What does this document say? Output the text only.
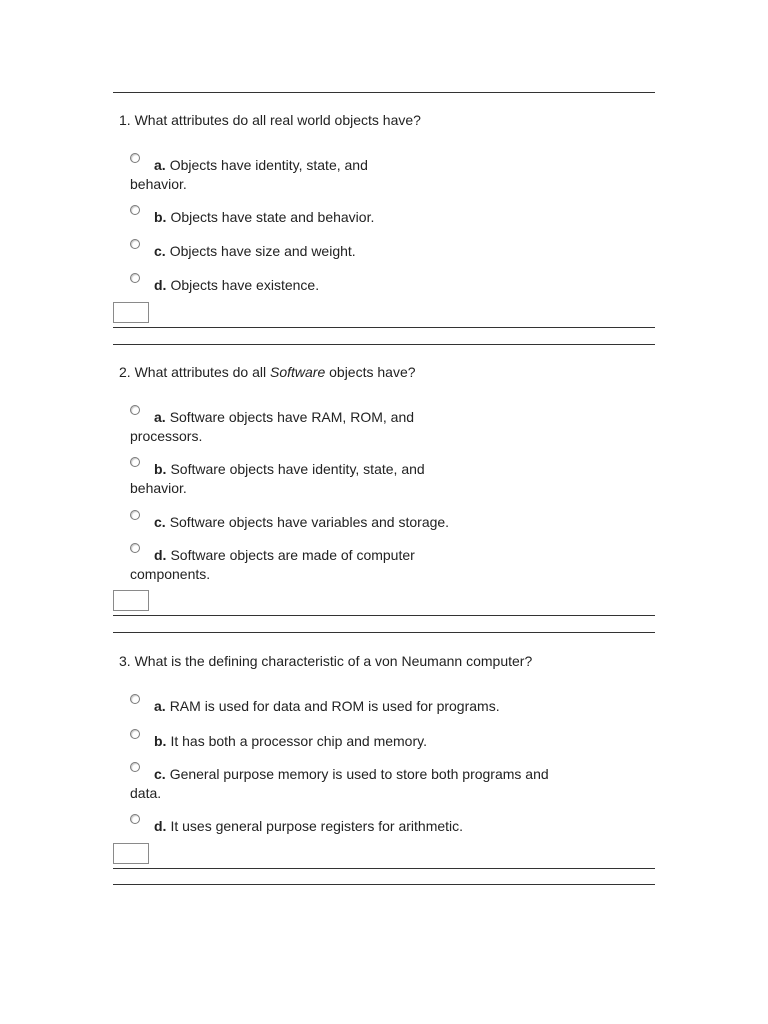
1. What attributes do all real world objects have?
a. Objects have identity, state, and behavior.
b. Objects have state and behavior.
c. Objects have size and weight.
d. Objects have existence.
2. What attributes do all Software objects have?
a. Software objects have RAM, ROM, and processors.
b. Software objects have identity, state, and behavior.
c. Software objects have variables and storage.
d. Software objects are made of computer components.
3. What is the defining characteristic of a von Neumann computer?
a. RAM is used for data and ROM is used for programs.
b. It has both a processor chip and memory.
c. General purpose memory is used to store both programs and data.
d. It uses general purpose registers for arithmetic.
